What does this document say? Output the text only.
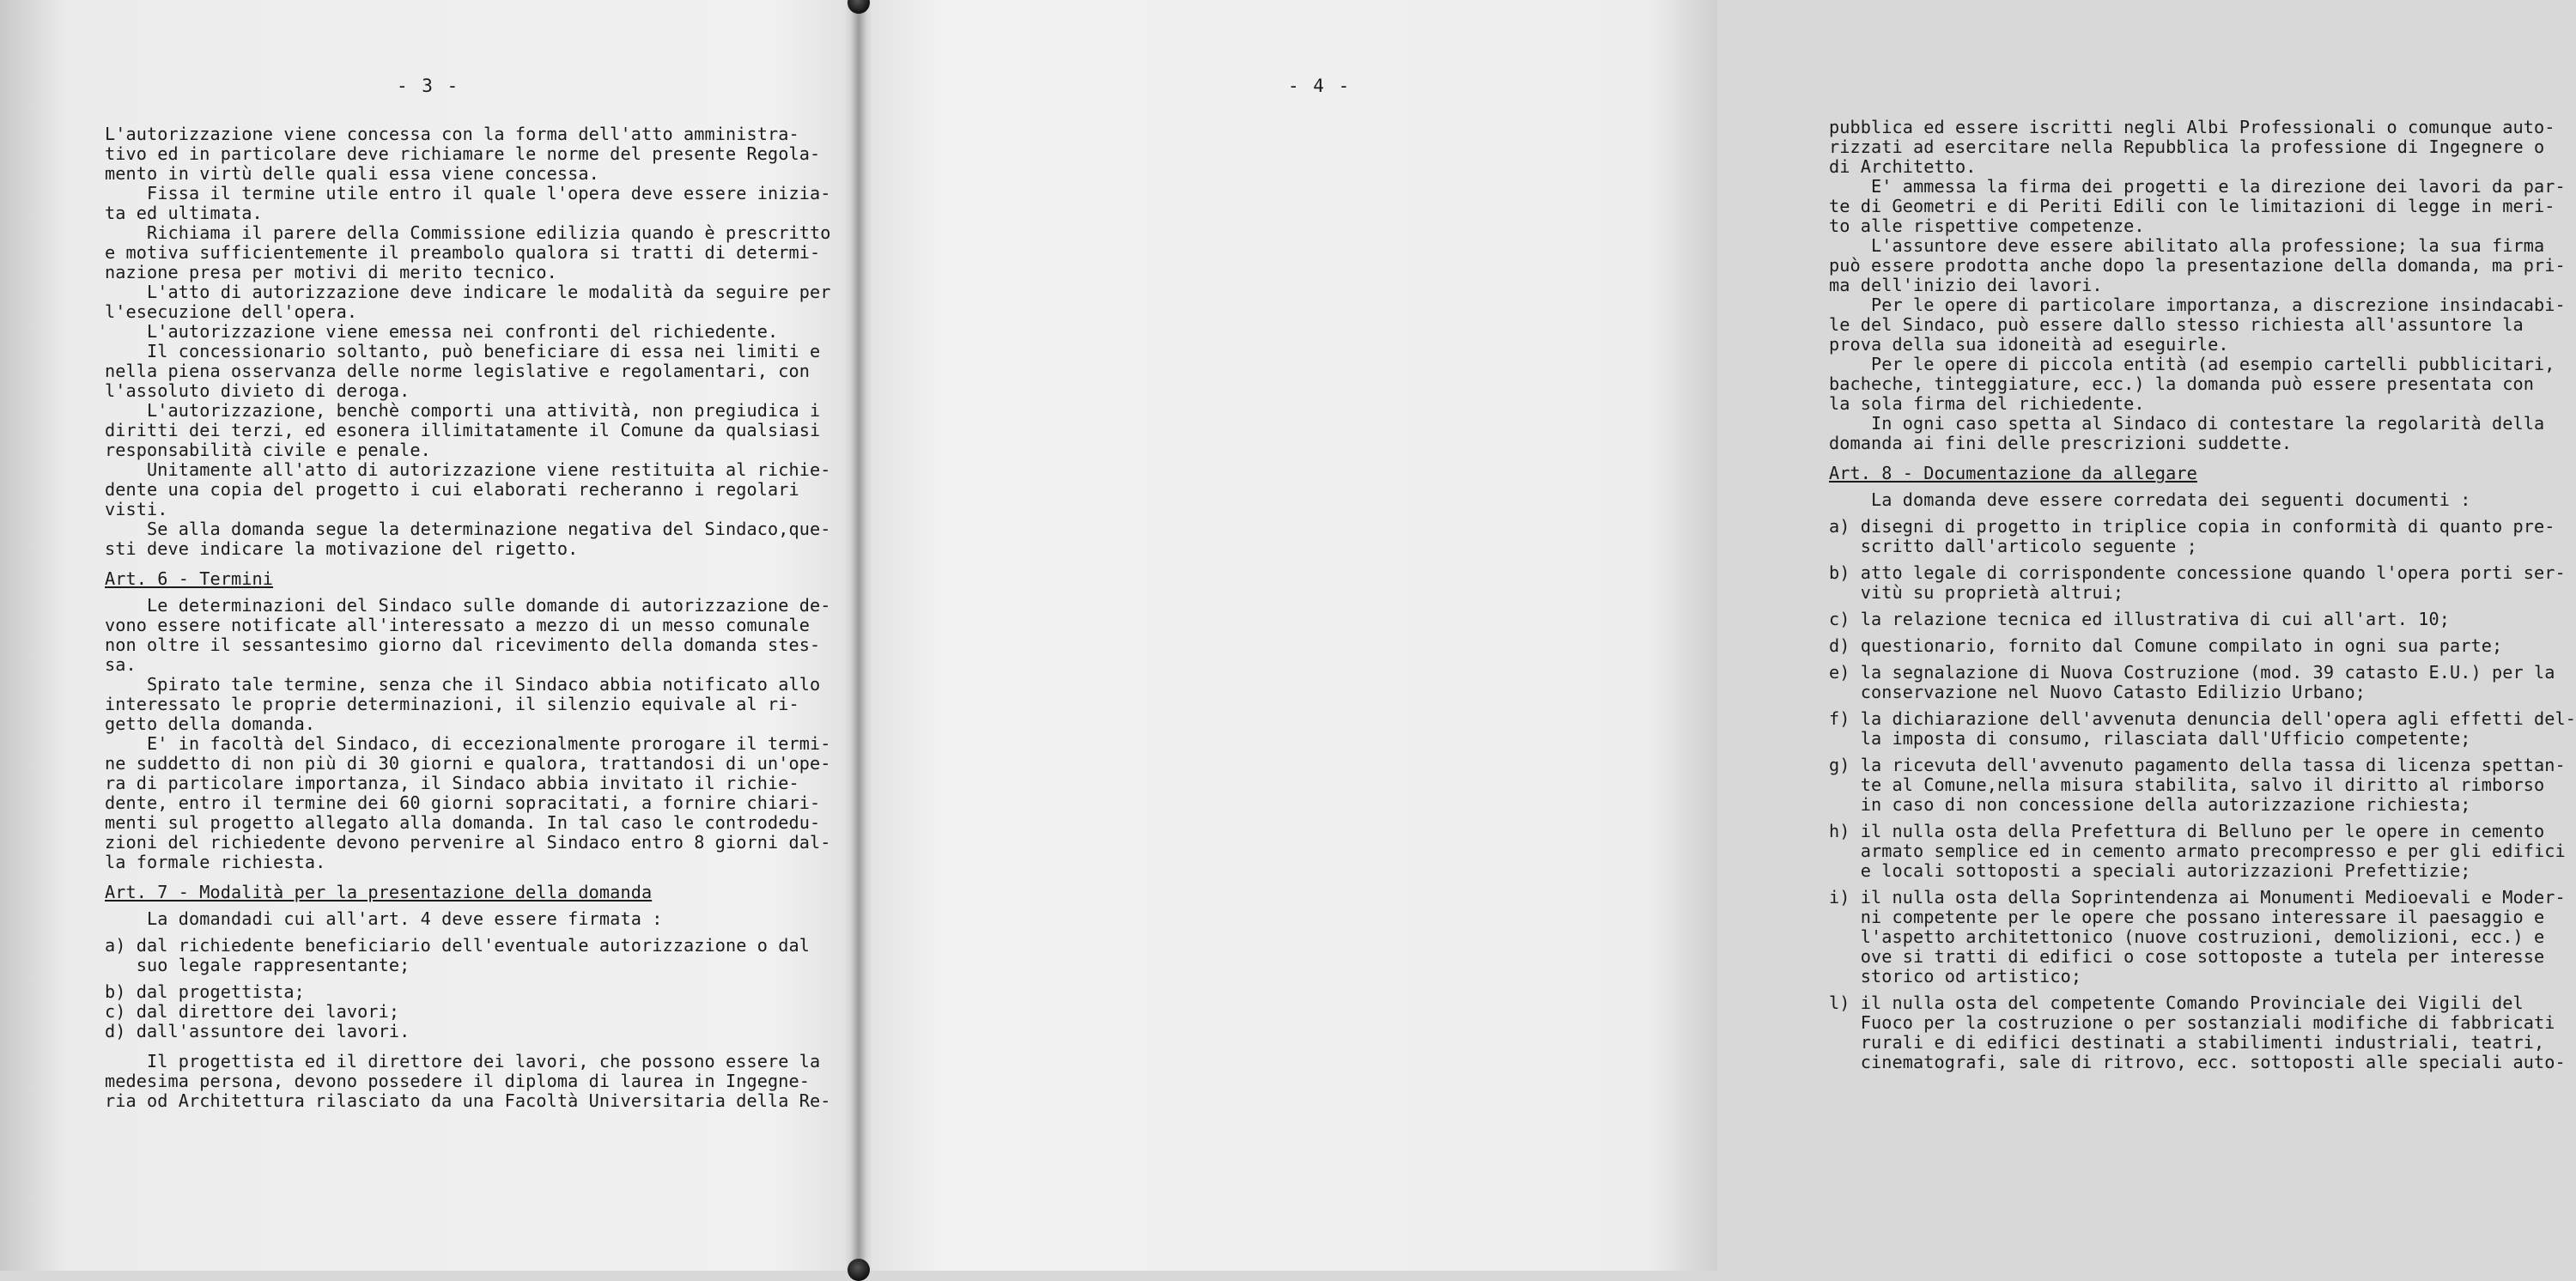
- 3 -
L'autorizzazione viene concessa con la forma dell'atto amministra-
tivo ed in particolare deve richiamare le norme del presente Regola-
mento in virtù delle quali essa viene concessa.
Fissa il termine utile entro il quale l'opera deve essere inizia-
ta ed ultimata.
Richiama il parere della Commissione edilizia quando è prescritto
e motiva sufficientemente il preambolo qualora si tratti di determi-
nazione presa per motivi di merito tecnico.
L'atto di autorizzazione deve indicare le modalità da seguire per
l'esecuzione dell'opera.
L'autorizzazione viene emessa nei confronti del richiedente.
Il concessionario soltanto, può beneficiare di essa nei limiti e
nella piena osservanza delle norme legislative e regolamentari, con
l'assoluto divieto di deroga.
L'autorizzazione, benchè comporti una attività, non pregiudica i
diritti dei terzi, ed esonera illimitatamente il Comune da qualsiasi
responsabilità civile e penale.
Unitamente all'atto di autorizzazione viene restituita al richie-
dente una copia del progetto i cui elaborati recheranno i regolari
visti.
Se alla domanda segue la determinazione negativa del Sindaco,que-
sti deve indicare la motivazione del rigetto.
Art. 6 - Termini
Le determinazioni del Sindaco sulle domande di autorizzazione de-
vono essere notificate all'interessato a mezzo di un messo comunale
non oltre il sessantesimo giorno dal ricevimento della domanda stes-
sa.
Spirato tale termine, senza che il Sindaco abbia notificato allo
interessato le proprie determinazioni, il silenzio equivale al ri-
getto della domanda.
E' in facoltà del Sindaco, di eccezionalmente prorogare il termi-
ne suddetto di non più di 30 giorni e qualora, trattandosi di un'ope-
ra di particolare importanza, il Sindaco abbia invitato il richie-
dente, entro il termine dei 60 giorni sopracitati, a fornire chiari-
menti sul progetto allegato alla domanda. In tal caso le controdedu-
zioni del richiedente devono pervenire al Sindaco entro 8 giorni dal-
la formale richiesta.
Art. 7 - Modalità per la presentazione della domanda
La domandadi cui all'art. 4 deve essere firmata :
a) dal richiedente beneficiario dell'eventuale autorizzazione o dal
suo legale rappresentante;
b) dal progettista;
c) dal direttore dei lavori;
d) dall'assuntore dei lavori.
Il progettista ed il direttore dei lavori, che possono essere la
medesima persona, devono possedere il diploma di laurea in Ingegne-
ria od Architettura rilasciato da una Facoltà Universitaria della Re-
- 4 -
pubblica ed essere iscritti negli Albi Professionali o comunque auto-
rizzati ad esercitare nella Repubblica la professione di Ingegnere o
di Architetto.
E' ammessa la firma dei progetti e la direzione dei lavori da par-
te di Geometri e di Periti Edili con le limitazioni di legge in meri-
to alle rispettive competenze.
L'assuntore deve essere abilitato alla professione; la sua firma
può essere prodotta anche dopo la presentazione della domanda, ma pri-
ma dell'inizio dei lavori.
Per le opere di particolare importanza, a discrezione insindacabi-
le del Sindaco, può essere dallo stesso richiesta all'assuntore la
prova della sua idoneità ad eseguirle.
Per le opere di piccola entità (ad esempio cartelli pubblicitari,
bacheche, tinteggiature, ecc.) la domanda può essere presentata con
la sola firma del richiedente.
In ogni caso spetta al Sindaco di contestare la regolarità della
domanda ai fini delle prescrizioni suddette.
Art. 8 - Documentazione da allegare
La domanda deve essere corredata dei seguenti documenti :
a) disegni di progetto in triplice copia in conformità di quanto pre-
scritto dall'articolo seguente ;
b) atto legale di corrispondente concessione quando l'opera porti ser-
vitù su proprietà altrui;
c) la relazione tecnica ed illustrativa di cui all'art. 10;
d) questionario, fornito dal Comune compilato in ogni sua parte;
e) la segnalazione di Nuova Costruzione (mod. 39 catasto E.U.) per la
conservazione nel Nuovo Catasto Edilizio Urbano;
f) la dichiarazione dell'avvenuta denuncia dell'opera agli effetti del-
la imposta di consumo, rilasciata dall'Ufficio competente;
g) la ricevuta dell'avvenuto pagamento della tassa di licenza spettan-
te al Comune,nella misura stabilita, salvo il diritto al rimborso
in caso di non concessione della autorizzazione richiesta;
h) il nulla osta della Prefettura di Belluno per le opere in cemento
armato semplice ed in cemento armato precompresso e per gli edifici
e locali sottoposti a speciali autorizzazioni Prefettizie;
i) il nulla osta della Soprintendenza ai Monumenti Medioevali e Moder-
ni competente per le opere che possano interessare il paesaggio e
l'aspetto architettonico (nuove costruzioni, demolizioni, ecc.) e
ove si tratti di edifici o cose sottoposte a tutela per interesse
storico od artistico;
l) il nulla osta del competente Comando Provinciale dei Vigili del
Fuoco per la costruzione o per sostanziali modifiche di fabbricati
rurali e di edifici destinati a stabilimenti industriali, teatri,
cinematografi, sale di ritrovo, ecc. sottoposti alle speciali auto-
